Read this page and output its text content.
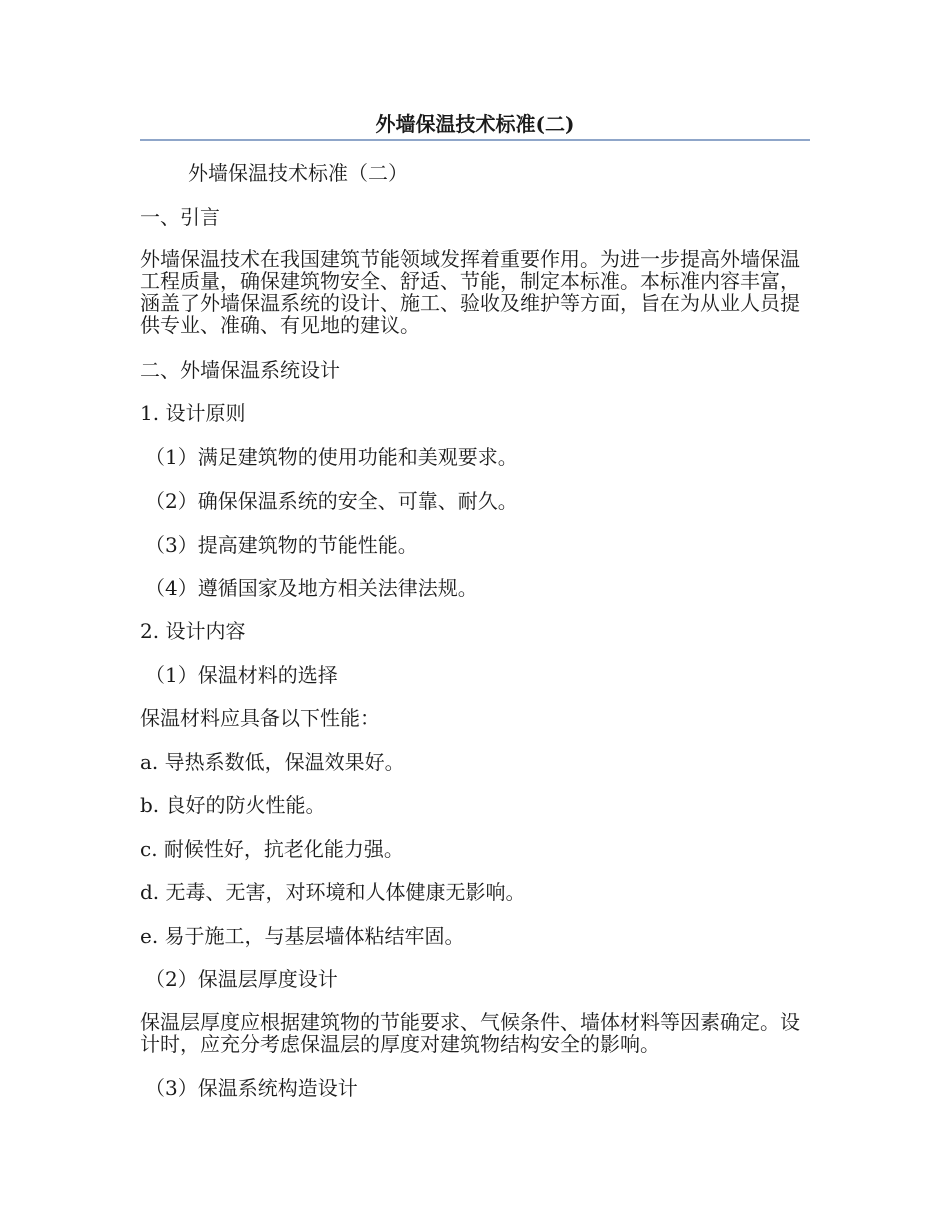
外墙保温技术标准(二)

外墙保温技术标准（二）

一、引言

外墙保温技术在我国建筑节能领域发挥着重要作用。为进一步提高外墙保温工程质量，确保建筑物安全、舒适、节能，制定本标准。本标准内容丰富，涵盖了外墙保温系统的设计、施工、验收及维护等方面，旨在为从业人员提供专业、准确、有见地的建议。

二、外墙保温系统设计

1. 设计原则

（1）满足建筑物的使用功能和美观要求。

（2）确保保温系统的安全、可靠、耐久。

（3）提高建筑物的节能性能。

（4）遵循国家及地方相关法律法规。

2. 设计内容

（1）保温材料的选择

保温材料应具备以下性能：

a. 导热系数低，保温效果好。

b. 良好的防火性能。

c. 耐候性好，抗老化能力强。

d. 无毒、无害，对环境和人体健康无影响。

e. 易于施工，与基层墙体粘结牢固。

（2）保温层厚度设计

保温层厚度应根据建筑物的节能要求、气候条件、墙体材料等因素确定。设计时，应充分考虑保温层的厚度对建筑物结构安全的影响。

（3）保温系统构造设计
